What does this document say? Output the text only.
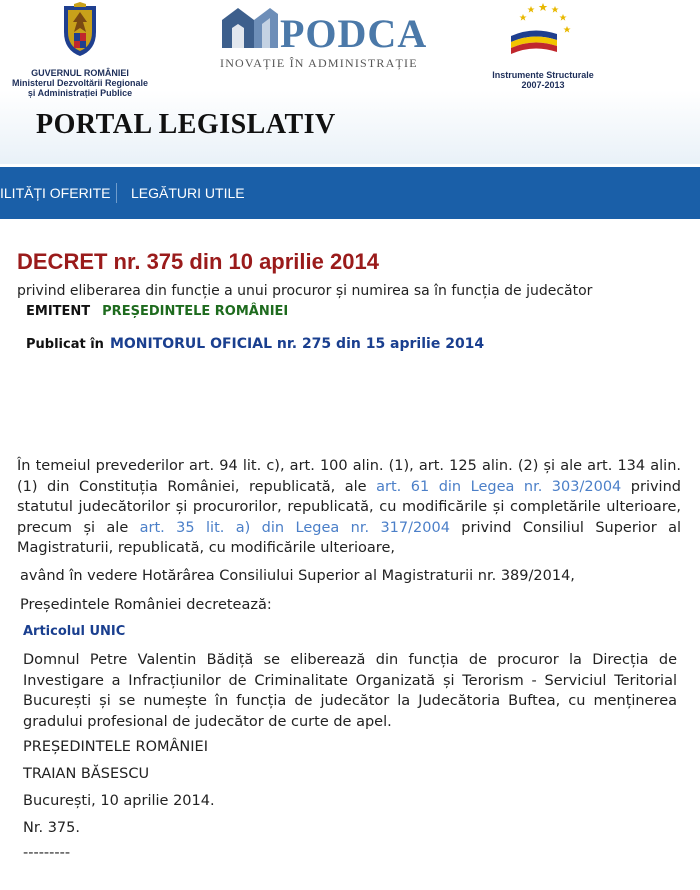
GUVERNUL ROMÂNIEI
Ministerul Dezvoltării Regionale
și Administrației Publice
PODCA
INOVAȚIE ÎN ADMINISTRAȚIE
Instrumente Structurale
2007-2013
PORTAL LEGISLATIV
ILITĂȚI OFERITE LEGĂTURI UTILE
DECRET nr. 375 din 10 aprilie 2014
privind eliberarea din funcție a unui procuror și numirea sa în funcția de judecător
EMITENT PREȘEDINTELE ROMÂNIEI
Publicat în MONITORUL OFICIAL nr. 275 din 15 aprilie 2014
În temeiul prevederilor art. 94 lit. c), art. 100 alin. (1), art. 125 alin. (2) și ale art. 134 alin. (1) din Constituția României, republicată, ale art. 61 din Legea nr. 303/2004 privind statutul judecătorilor și procurorilor, republicată, cu modificările și completările ulterioare, precum și ale art. 35 lit. a) din Legea nr. 317/2004 privind Consiliul Superior al Magistraturii, republicată, cu modificările ulterioare,
având în vedere Hotărârea Consiliului Superior al Magistraturii nr. 389/2014,
Președintele României decretează:
Articolul UNIC
Domnul Petre Valentin Bădiță se eliberează din funcția de procuror la Direcția de Investigare a Infracțiunilor de Criminalitate Organizată și Terorism - Serviciul Teritorial București și se numește în funcția de judecător la Judecătoria Buftea, cu menținerea gradului profesional de judecător de curte de apel.
PREȘEDINTELE ROMÂNIEI
TRAIAN BĂSESCU
București, 10 aprilie 2014.
Nr. 375.
---------
